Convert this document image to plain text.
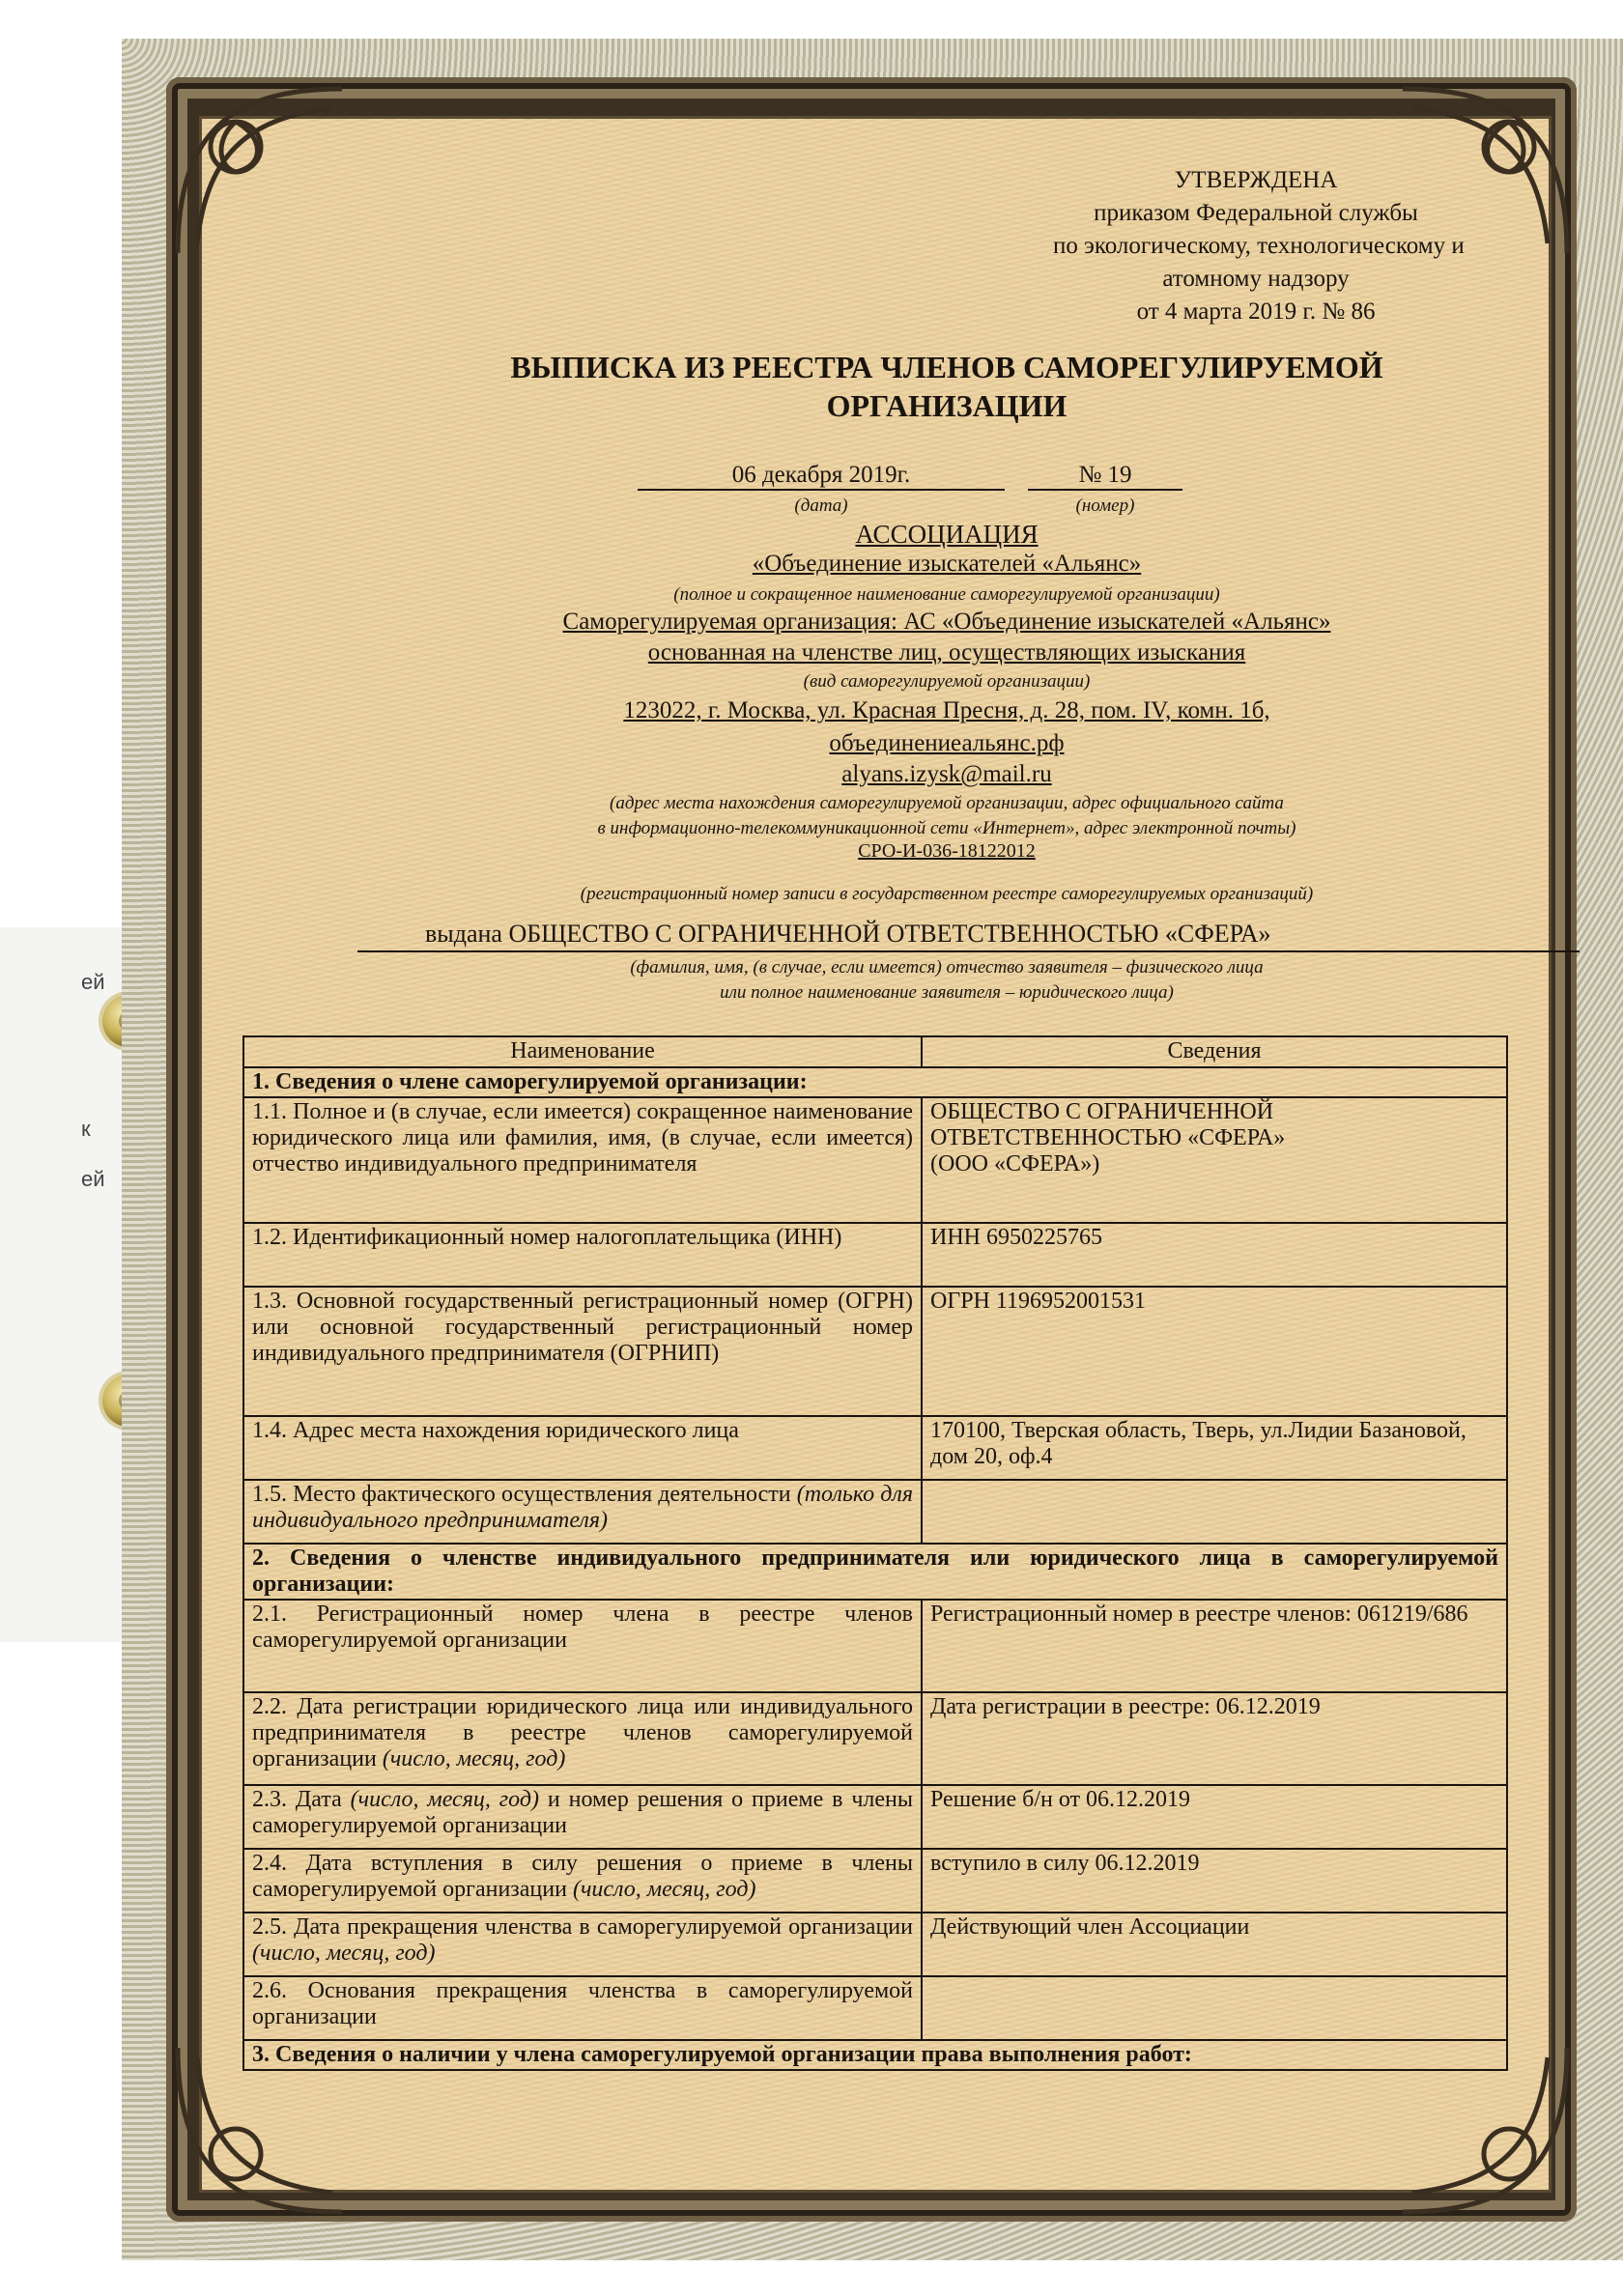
ей
к
ей
УТВЕРЖДЕНА
приказом Федеральной службы
по экологическому, технологическому и
атомному надзору
от 4 марта 2019 г. № 86
ВЫПИСКА ИЗ РЕЕСТРА ЧЛЕНОВ САМОРЕГУЛИРУЕМОЙ
ОРГАНИЗАЦИИ
06 декабря 2019г.
(дата)
№ 19
(номер)
АССОЦИАЦИЯ
«Объединение изыскателей «Альянс»
(полное и сокращенное наименование саморегулируемой организации)
Саморегулируемая организация: АС «Объединение изыскателей «Альянс»
основанная на членстве лиц, осуществляющих изыскания
(вид саморегулируемой организации)
123022, г. Москва, ул. Красная Пресня, д. 28, пом. IV, комн. 1б,
объединениеальянс.рф
alyans.izysk@mail.ru
(адрес места нахождения саморегулируемой организации, адрес официального сайта
в информационно-телекоммуникационной сети «Интернет», адрес электронной почты)
СРО-И-036-18122012
(регистрационный номер записи в государственном реестре саморегулируемых организаций)
выдана ОБЩЕСТВО С ОГРАНИЧЕННОЙ ОТВЕТСТВЕННОСТЬЮ «СФЕРА»
(фамилия, имя, (в случае, если имеется) отчество заявителя – физического лица
или полное наименование заявителя – юридического лица)
Наименование	Сведения
1. Сведения о члене саморегулируемой организации:	
1.1. Полное и (в случае, если имеется) сокращенное наименование юридического лица или фамилия, имя, (в случае, если имеется) отчество индивидуального предпринимателя	ОБЩЕСТВО С ОГРАНИЧЕННОЙ
ОТВЕТСТВЕННОСТЬЮ «СФЕРА»
(ООО «СФЕРА»)

1.2. Идентификационный номер налогоплательщика (ИНН)	ИНН 6950225765
1.3. Основной государственный регистрационный номер (ОГРН) или основной государственный регистрационный номер индивидуального предпринимателя (ОГРНИП)	ОГРН 1196952001531
1.4. Адрес места нахождения юридического лица	170100, Тверская область, Тверь, ул.Лидии Базановой, дом 20, оф.4
1.5. Место фактического осуществления деятельности (только для индивидуального предпринимателя)	
2. Сведения о членстве индивидуального предпринимателя или юридического лица в саморегулируемой организации:	
2.1. Регистрационный номер члена в реестре членов саморегулируемой организации	Регистрационный номер в реестре членов: 061219/686
2.2. Дата регистрации юридического лица или индивидуального предпринимателя в реестре членов саморегулируемой организации (число, месяц, год)	Дата регистрации в реестре: 06.12.2019
2.3. Дата (число, месяц, год) и номер решения о приеме в члены саморегулируемой организации	Решение б/н от 06.12.2019
2.4. Дата вступления в силу решения о приеме в члены саморегулируемой организации (число, месяц, год)	вступило в силу 06.12.2019
2.5. Дата прекращения членства в саморегулируемой организации (число, месяц, год)	Действующий член Ассоциации
2.6. Основания прекращения членства в саморегулируемой организации	
3. Сведения о наличии у члена саморегулируемой организации права выполнения работ:	
